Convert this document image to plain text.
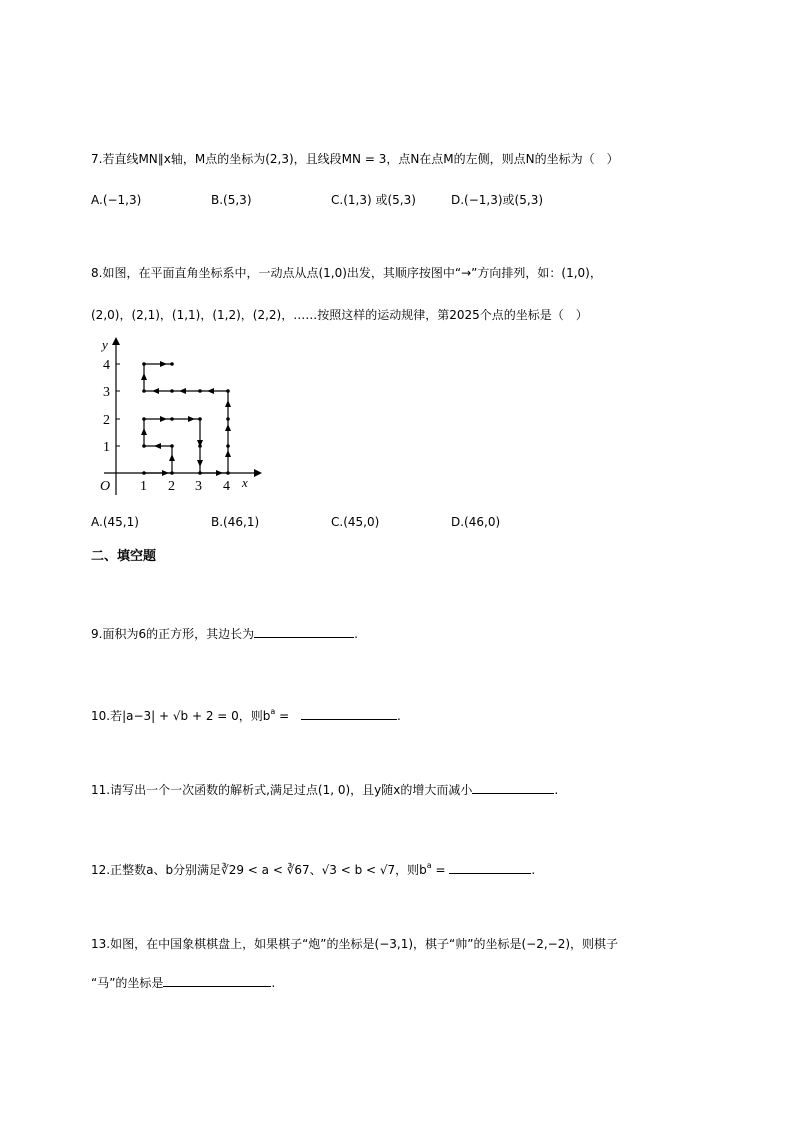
7.若直线MN∥x轴，M点的坐标为(2,3)，且线段MN = 3，点N在点M的左侧，则点N的坐标为（　）
A.(−1,3)	B.(5,3)	C.(1,3) 或(5,3)	D.(−1,3)或(5,3)
8.如图，在平面直角坐标系中，一动点从点(1,0)出发，其顺序按图中“→”方向排列，如：(1,0)，
(2,0)，(2,1)，(1,1)，(1,2)，(2,2)，……按照这样的运动规律，第2025个点的坐标是（　）
y
x
O 1 2 3 4
1
2
3
4
A.(45,1)	B.(46,1)	C.(45,0)	D.(46,0)
二、填空题
9.面积为6的正方形，其边长为	.
10.若|a−3| + √b + 2 = 0，则$b^a$ =	.
11.请写出一个一次函数的解析式,满足过点(1, 0)，且y随x的增大而减小	.
12.正整数a、b分别满足∛29 < a < ∛67、√3 < b < √7，则$b^a$ =	.
13.如图，在中国象棋棋盘上，如果棋子“炮”的坐标是(−3,1)，棋子“帅”的坐标是(−2,−2)，则棋子
“马”的坐标是	.
